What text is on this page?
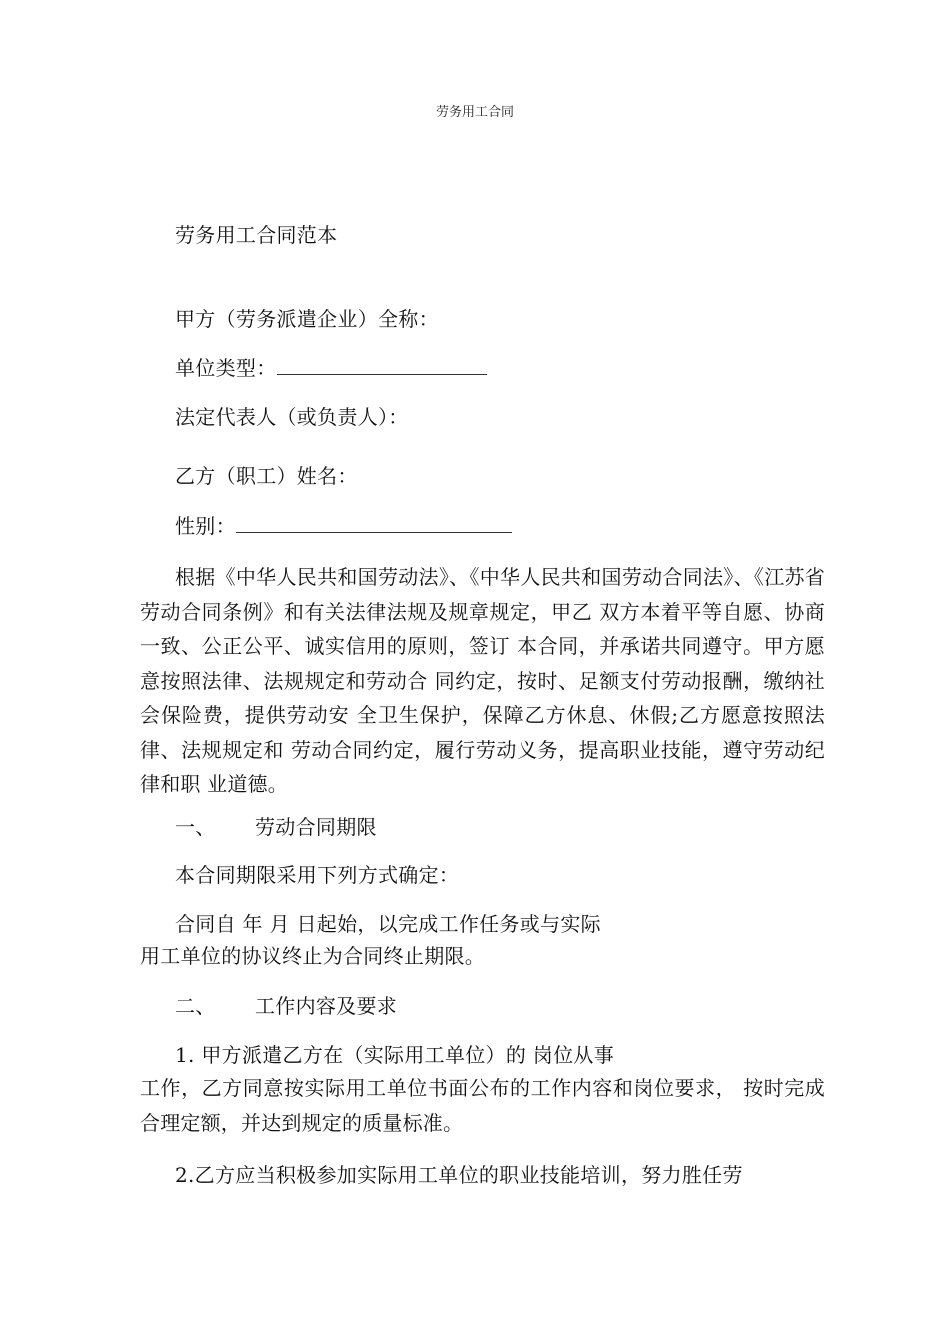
劳务用工合同
劳务用工合同范本
甲方（劳务派遣企业）全称：
单位类型：
法定代表人（或负责人）：
乙方（职工）姓名：
性别：
根据《中华人民共和国劳动法》、《中华人民共和国劳动合同法》、《江苏省劳动合同条例》和有关法律法规及规章规定，甲乙 双方本着平等自愿、协商一致、公正公平、诚实信用的原则，签订 本合同，并承诺共同遵守。甲方愿意按照法律、法规规定和劳动合 同约定，按时、足额支付劳动报酬，缴纳社会保险费，提供劳动安 全卫生保护，保障乙方休息、休假;乙方愿意按照法律、法规规定和 劳动合同约定，履行劳动义务，提高职业技能，遵守劳动纪律和职 业道德。
一、 劳动合同期限
本合同期限采用下列方式确定：
合同自 年 月 日起始，以完成工作任务或与实际
用工单位的协议终止为合同终止期限。
二、 工作内容及要求
1. 甲方派遣乙方在（实际用工单位）的 岗位从事
工作，乙方同意按实际用工单位书面公布的工作内容和岗位要求， 按时完成合理定额，并达到规定的质量标准。
2.乙方应当积极参加实际用工单位的职业技能培训，努力胜任劳
